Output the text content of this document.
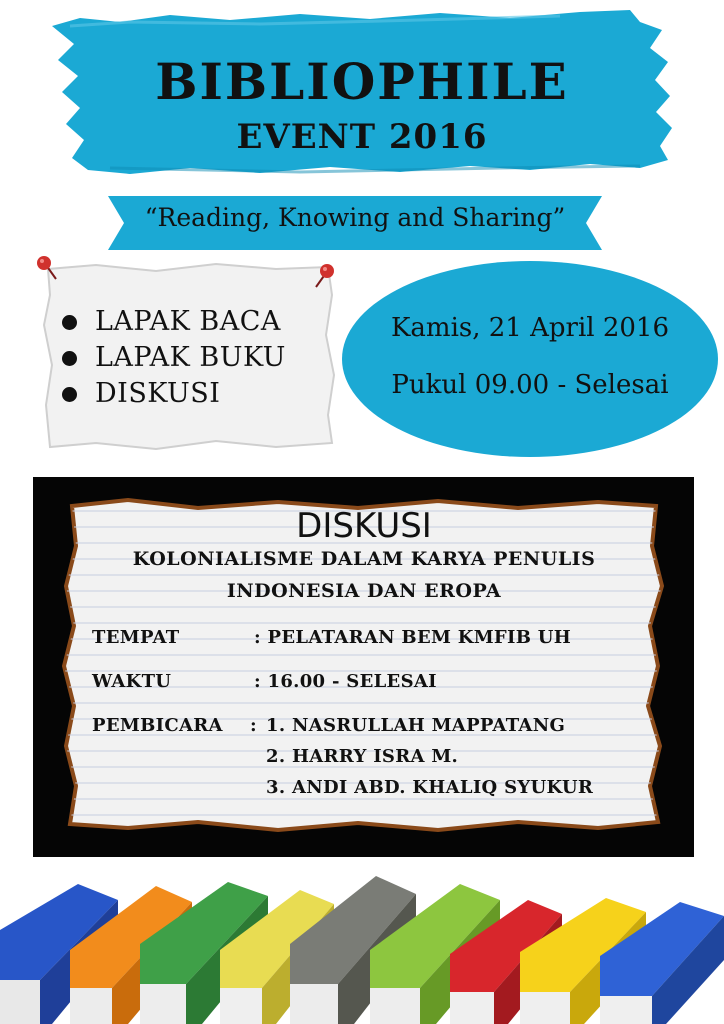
BIBLIOPHILE
EVENT 2016
“Reading, Knowing and Sharing”
LAPAK BACA
LAPAK BUKU
DISKUSI
Kamis, 21 April 2016
Pukul 09.00 - Selesai
DISKUSI
KOLONIALISME DALAM KARYA PENULIS
INDONESIA DAN EROPA
TEMPAT	: PELATARAN BEM KMFIB UH
WAKTU	: 16.00 - SELESAI
PEMBICARA : 1. NASRULLAH MAPPATANG
2. HARRY ISRA M.
3. ANDI ABD. KHALIQ SYUKUR
